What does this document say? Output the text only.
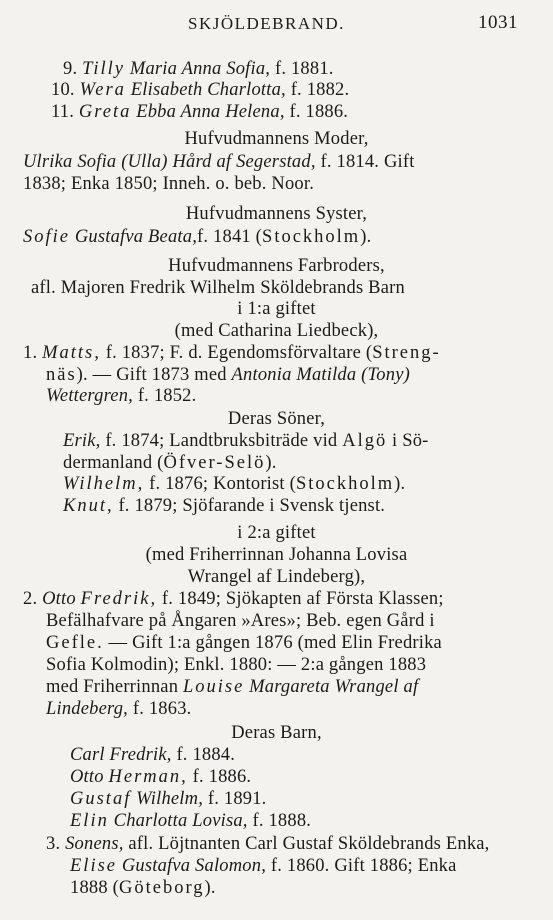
SKJÖLDEBRAND.	1031
9. Tilly Maria Anna Sofia, f. 1881.
10. Wera Elisabeth Charlotta, f. 1882.
11. Greta Ebba Anna Helena, f. 1886.
Hufvudmannens Moder,
Ulrika Sofia (Ulla) Hård af Segerstad, f. 1814. Gift
1838; Enka 1850; Inneh. o. beb. Noor.
Hufvudmannens Syster,
Sofie Gustafva Beata,f. 1841 (Stockholm).
Hufvudmannens Farbroders,
afl. Majoren Fredrik Wilhelm Sköldebrands Barn
i 1:a giftet
(med Catharina Liedbeck),
1. Matts, f. 1837; F. d. Egendomsförvaltare (Streng-
näs). — Gift 1873 med Antonia Matilda (Tony)
Wettergren, f. 1852.
Deras Söner,
Erik, f. 1874; Landtbruksbiträde vid Algö i Sö-
dermanland (Öfver-Selö).
Wilhelm, f. 1876; Kontorist (Stockholm).
Knut, f. 1879; Sjöfarande i Svensk tjenst.
i 2:a giftet
(med Friherrinnan Johanna Lovisa
Wrangel af Lindeberg),
2. Otto Fredrik, f. 1849; Sjökapten af Första Klassen;
Befälhafvare på Ångaren »Ares»; Beb. egen Gård i
Gefle. — Gift 1:a gången 1876 (med Elin Fredrika
Sofia Kolmodin); Enkl. 1880: — 2:a gången 1883
med Friherrinnan Louise Margareta Wrangel af
Lindeberg, f. 1863.
Deras Barn,
Carl Fredrik, f. 1884.
Otto Herman, f. 1886.
Gustaf Wilhelm, f. 1891.
Elin Charlotta Lovisa, f. 1888.
3. Sonens, afl. Löjtnanten Carl Gustaf Sköldebrands Enka,
Elise Gustafva Salomon, f. 1860. Gift 1886; Enka
1888 (Göteborg).
